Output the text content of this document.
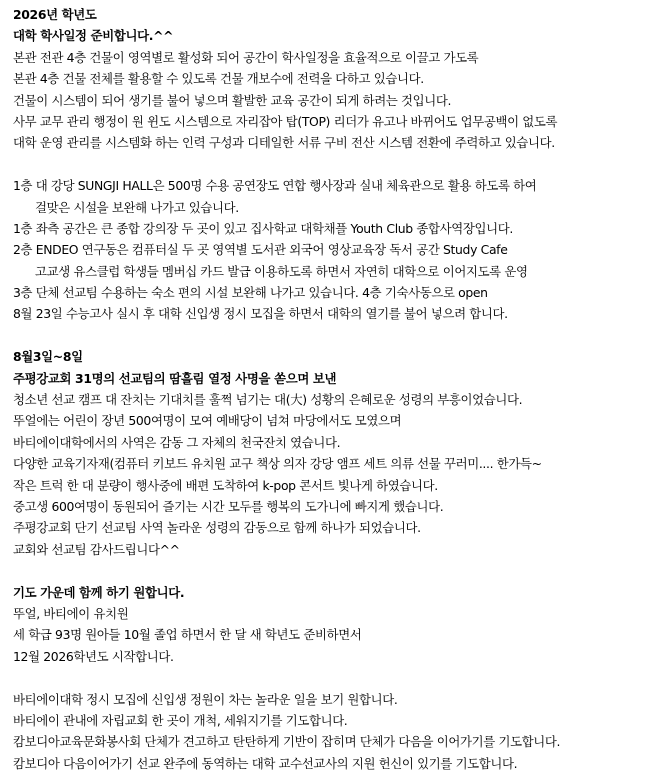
2026년 학년도
대학 학사일정 준비합니다.^^
본관 전관 4층 건물이 영역별로 활성화 되어 공간이 학사일정을 효율적으로 이끌고 가도록
본관 4층 건물 전체를 활용할 수 있도록 건물 개보수에 전력을 다하고 있습니다.
건물이 시스템이 되어 생기를 불어 넣으며 활발한 교육 공간이 되게 하려는 것입니다.
사무 교무 관리 행정이 원 윈도 시스템으로 자리잡아 탑(TOP) 리더가 유고나 바뀌어도 업무공백이 없도록
대학 운영 관리를 시스템화 하는 인력 구성과 디테일한 서류 구비 전산 시스템 전환에 주력하고 있습니다.
1층 대 강당 SUNGJI HALL은 500명 수용 공연장도 연합 행사장과 실내 체육관으로 활용 하도록 하여
걸맞은 시설을 보완해 나가고 있습니다.
1층 좌측 공간은 큰 종합 강의장 두 곳이 있고 집사학교 대학채플 Youth Club 종합사역장입니다.
2층 ENDEO 연구동은 컴퓨터실 두 곳 영역별 도서관 외국어 영상교육장 독서 공간 Study Cafe
고교생 유스클럽 학생들 멤버십 카드 발급 이용하도록 하면서 자연히 대학으로 이어지도록 운영
3층 단체 선교팀 수용하는 숙소 편의 시설 보완해 나가고 있습니다. 4층 기숙사동으로 open
8월 23일 수능고사 실시 후 대학 신입생 정시 모집을 하면서 대학의 열기를 불어 넣으려 합니다.
8월3일~8일
주평강교회 31명의 선교팀의 땀흘림 열정 사명을 쏟으며 보낸
청소년 선교 캠프 대 잔치는 기대치를 훌쩍 넘기는 대(大) 성황의 은혜로운 성령의 부흥이었습니다.
뚜얼에는 어린이 장년 500여명이 모여 예배당이 넘쳐 마당에서도 모였으며
바티에이대학에서의 사역은 감동 그 자체의 천국잔치 였습니다.
다양한 교육기자재(컴퓨터 키보드 유치원 교구 책상 의자 강당 앰프 세트 의류 선물 꾸러미.... 한가득~
작은 트럭 한 대 분량이 행사중에 배편 도착하여 k-pop 콘서트 빛나게 하였습니다.
중고생 600여명이 동원되어 즐기는 시간 모두를 행복의 도가니에 빠지게 했습니다.
주평강교회 단기 선교팀 사역 놀라운 성령의 감동으로 함께 하나가 되었습니다.
교회와 선교팀 감사드립니다^^
기도 가운데 함께 하기 원합니다.
뚜얼, 바티에이 유치원
세 학급 93명 원아들 10월 졸업 하면서 한 달 새 학년도 준비하면서
12월 2026학년도 시작합니다.
바티에이대학 정시 모집에 신입생 정원이 차는 놀라운 일을 보기 원합니다.
바티에이 관내에 자립교회 한 곳이 개척, 세워지기를 기도합니다.
캄보디아교육문화봉사회 단체가 견고하고 탄탄하게 기반이 잡히며 단체가 다음을 이어가기를 기도합니다.
캄보디아 다음이어가기 선교 완주에 동역하는 대학 교수선교사의 지원 헌신이 있기를 기도합니다.
